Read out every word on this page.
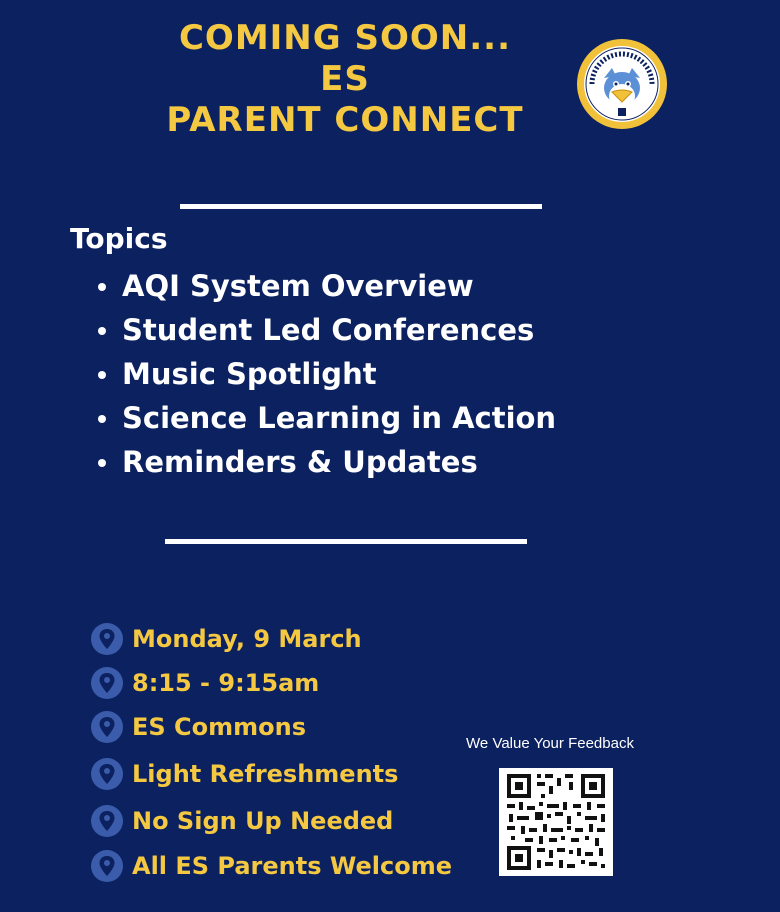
COMING SOON...
ES
PARENT CONNECT
Topics
AQI System Overview
Student Led Conferences
Music Spotlight
Science Learning in Action
Reminders & Updates
Monday, 9 March
8:15 - 9:15am
ES Commons
Light Refreshments
No Sign Up Needed
All ES Parents Welcome
We Value Your Feedback
